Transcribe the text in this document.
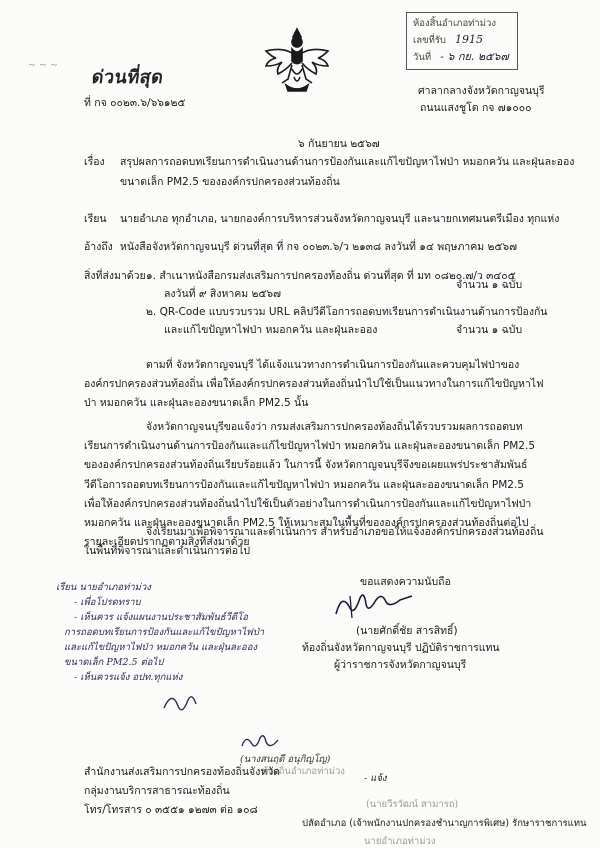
~ ~ ~
ด่วนที่สุด
ที่ กจ ๐๐๒๓.๖/๖๖๑๒๕
ห้องสิ้นอำเภอท่าม่วง
เลขที่รับ 1915
วันที่ - ๖ กย. ๒๕๖๗
ศาลากลางจังหวัดกาญจนบุรี
ถนนแสงชูโต กจ ๗๑๐๐๐
๖ กันยายน ๒๕๖๗
เรื่อง สรุปผลการถอดบทเรียนการดำเนินงานด้านการป้องกันและแก้ไขปัญหาไฟป่า หมอกควัน และฝุ่นละออง
ขนาดเล็ก PM2.5 ขององค์กรปกครองส่วนท้องถิ่น
เรียน นายอำเภอ ทุกอำเภอ, นายกองค์การบริหารส่วนจังหวัดกาญจนบุรี และนายกเทศมนตรีเมือง ทุกแห่ง
อ้างถึง หนังสือจังหวัดกาญจนบุรี ด่วนที่สุด ที่ กจ ๐๐๒๓.๖/ว ๒๑๓๘ ลงวันที่ ๑๔ พฤษภาคม ๒๕๖๗
สิ่งที่ส่งมาด้วย ๑. สำเนาหนังสือกรมส่งเสริมการปกครองท้องถิ่น ด่วนที่สุด ที่ มท ๐๘๒๐.๗/ว ๓๔๐๕
ลงวันที่ ๙ สิงหาคม ๒๕๖๗
จำนวน ๑ ฉบับ
๒. QR-Code แบบรวบรวม URL คลิปวีดีโอการถอดบทเรียนการดำเนินงานด้านการป้องกัน
และแก้ไขปัญหาไฟป่า หมอกควัน และฝุ่นละออง	จำนวน ๑ ฉบับ
ตามที่ จังหวัดกาญจนบุรี ได้แจ้งแนวทางการดำเนินการป้องกันและควบคุมไฟป่าขององค์กรปกครองส่วนท้องถิ่น เพื่อให้องค์กรปกครองส่วนท้องถิ่นนำไปใช้เป็นแนวทางในการแก้ไขปัญหาไฟป่า หมอกควัน และฝุ่นละอองขนาดเล็ก PM2.5 นั้น
จังหวัดกาญจนบุรีขอแจ้งว่า กรมส่งเสริมการปกครองท้องถิ่นได้รวบรวมผลการถอดบทเรียนการดำเนินงานด้านการป้องกันและแก้ไขปัญหาไฟป่า หมอกควัน และฝุ่นละอองขนาดเล็ก PM2.5 ขององค์กรปกครองส่วนท้องถิ่นเรียบร้อยแล้ว ในการนี้ จังหวัดกาญจนบุรีจึงขอเผยแพร่ประชาสัมพันธ์วีดีโอการถอดบทเรียนการป้องกันและแก้ไขปัญหาไฟป่า หมอกควัน และฝุ่นละอองขนาดเล็ก PM2.5 เพื่อให้องค์กรปกครองส่วนท้องถิ่นนำไปใช้เป็นตัวอย่างในการดำเนินการป้องกันและแก้ไขปัญหาไฟป่า หมอกควัน และฝุ่นละอองขนาดเล็ก PM2.5 ให้เหมาะสมในพื้นที่ขององค์กรปกครองส่วนท้องถิ่นต่อไป รายละเอียดปรากฏตามสิ่งที่ส่งมาด้วย
จึงเรียนมาเพื่อพิจารณาและดำเนินการ สำหรับอำเภอขอให้แจ้งองค์กรปกครองส่วนท้องถิ่นในพื้นที่พิจารณาและดำเนินการต่อไป
ขอแสดงความนับถือ
(นายศักดิ์ชัย สารสิทธิ์)
ท้องถิ่นจังหวัดกาญจนบุรี ปฏิบัติราชการแทน
ผู้ว่าราชการจังหวัดกาญจนบุรี
เรียน นายอำเภอท่าม่วง
- เพื่อโปรดทราบ
- เห็นควร แจ้งแผนงานประชาสัมพันธ์วีดีโอ
การถอดบทเรียนการป้องกันและแก้ไขปัญหาไฟป่า
และแก้ไขปัญหาไฟป่า หมอกควัน และฝุ่นละออง
ขนาดเล็ก PM2.5 ต่อไป
- เห็นควรแจ้ง อปท.ทุกแห่ง
(นางสนฤดี อนุกิญโญ)
ท้องถิ่นอำเภอท่าม่วง
สำนักงานส่งเสริมการปกครองท้องถิ่นจังหวัด
กลุ่มงานบริการสาธารณะท้องถิ่น
โทร/โทรสาร ๐ ๓๕๕๑ ๑๒๗๓ ต่อ ๑๐๘
- แจ้ง
(นายวีรวัฒน์ สามารถ)
ปลัดอำเภอ (เจ้าพนักงานปกครองชำนาญการพิเศษ) รักษาราชการแทน
นายอำเภอท่าม่วง
